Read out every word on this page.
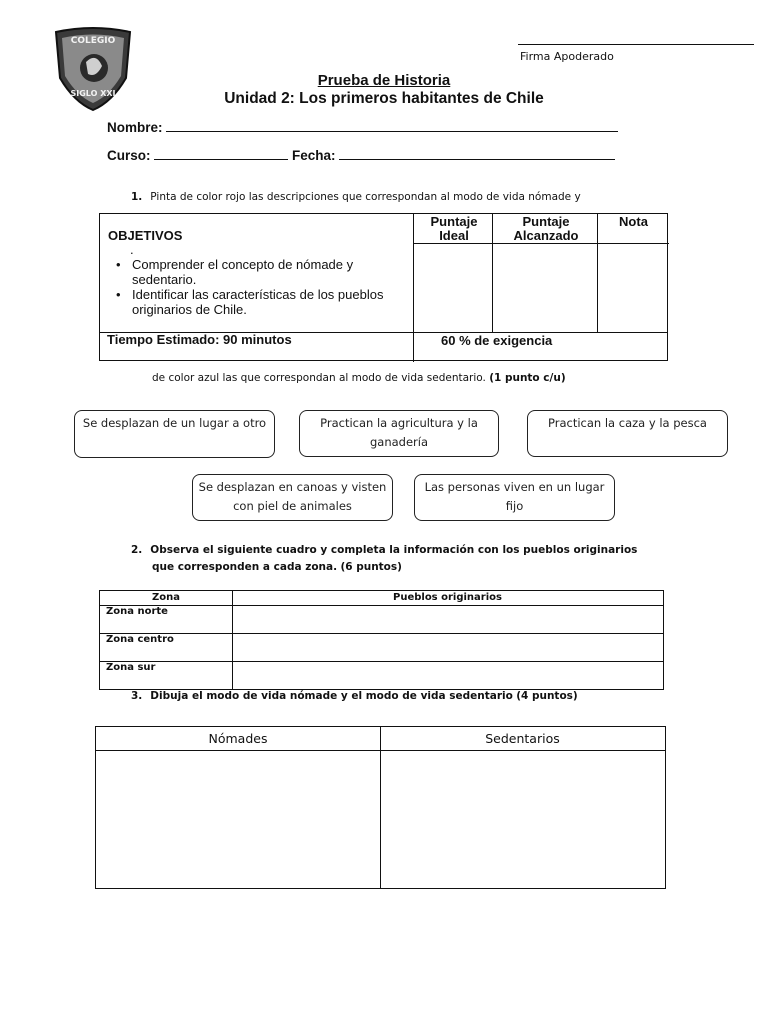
COLEGIO
SIGLO XXI
Firma Apoderado
Prueba de Historia
Unidad 2: Los primeros habitantes de Chile
Nombre:
Curso:	Fecha:
1. Pinta de color rojo las descripciones que correspondan al modo de vida nómade y
OBJETIVOS
Puntaje Ideal
Puntaje Alcanzado
Nota
.
• Comprender el concepto de nómade y sedentario.
• Identificar las características de los pueblos originarios de Chile.
Tiempo Estimado: 90 minutos	60 % de exigencia
de color azul las que correspondan al modo de vida sedentario. (1 punto c/u)
Se desplazan de un lugar a otro	Practican la agricultura y la ganadería
Practican la caza y la pesca
Se desplazan en canoas y visten con piel de animales
Las personas viven en un lugar fijo
2. Observa el siguiente cuadro y completa la información con los pueblos originarios
que corresponden a cada zona. (6 puntos)
Zona	Pueblos originarios
Zona norte
Zona centro
Zona sur
3. Dibuja el modo de vida nómade y el modo de vida sedentario (4 puntos)
Nómades	Sedentarios
